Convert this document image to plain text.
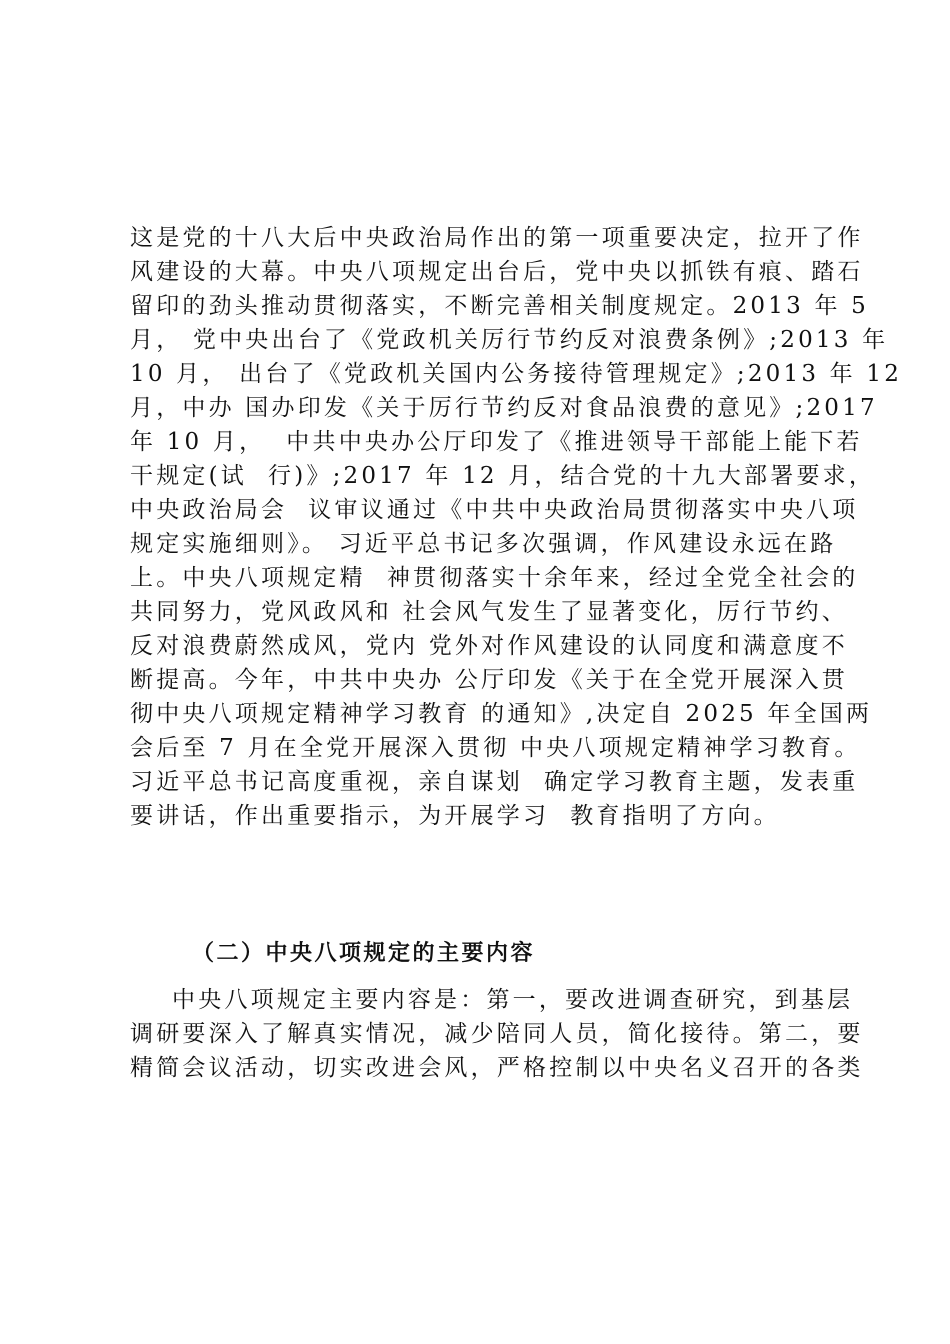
这是党的十八大后中央政治局作出的第一项重要决定，拉开了作
风建设的大幕。中央八项规定出台后，党中央以抓铁有痕、踏石
留印的劲头推动贯彻落实，不断完善相关制度规定。2013 年 5
月， 党中央出台了《党政机关厉行节约反对浪费条例》;2013 年
10 月， 出台了《党政机关国内公务接待管理规定》;2013 年 12
月，中办 国办印发《关于厉行节约反对食品浪费的意见》;2017
年 10 月，  中共中央办公厅印发了《推进领导干部能上能下若
干规定(试  行)》;2017 年 12 月，结合党的十九大部署要求，
中央政治局会  议审议通过《中共中央政治局贯彻落实中央八项
规定实施细则》。 习近平总书记多次强调，作风建设永远在路
上。中央八项规定精  神贯彻落实十余年来，经过全党全社会的
共同努力，党风政风和 社会风气发生了显著变化，厉行节约、
反对浪费蔚然成风，党内 党外对作风建设的认同度和满意度不
断提高。今年，中共中央办 公厅印发《关于在全党开展深入贯
彻中央八项规定精神学习教育 的通知》,决定自 2025 年全国两
会后至 7 月在全党开展深入贯彻 中央八项规定精神学习教育。
习近平总书记高度重视，亲自谋划  确定学习教育主题，发表重
要讲话，作出重要指示，为开展学习  教育指明了方向。
（二）中央八项规定的主要内容
中央八项规定主要内容是：第一，要改进调查研究，到基层
调研要深入了解真实情况，减少陪同人员，简化接待。第二，要
精简会议活动，切实改进会风，严格控制以中央名义召开的各类
